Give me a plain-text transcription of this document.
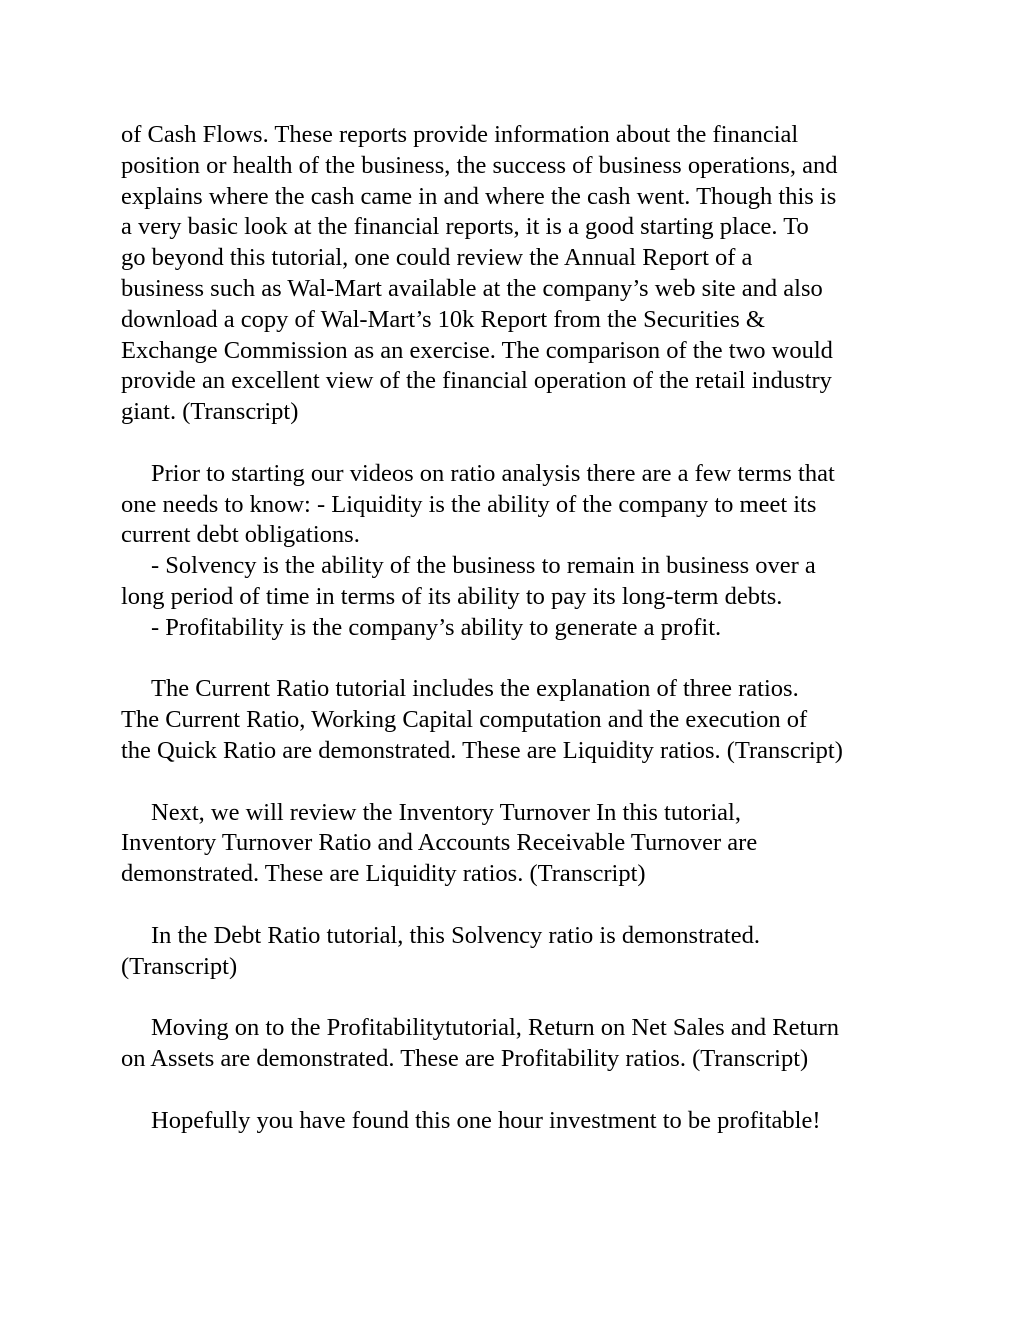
of Cash Flows. These reports provide information about the financial
position or health of the business, the success of business operations, and
explains where the cash came in and where the cash went. Though this is
a very basic look at the financial reports, it is a good starting place. To
go beyond this tutorial, one could review the Annual Report of a
business such as Wal-Mart available at the company’s web site and also
download a copy of Wal-Mart’s 10k Report from the Securities &
Exchange Commission as an exercise. The comparison of the two would
provide an excellent view of the financial operation of the retail industry
giant. (Transcript)
Prior to starting our videos on ratio analysis there are a few terms that
one needs to know: - Liquidity is the ability of the company to meet its
current debt obligations.
- Solvency is the ability of the business to remain in business over a
long period of time in terms of its ability to pay its long-term debts.
- Profitability is the company’s ability to generate a profit.
The Current Ratio tutorial includes the explanation of three ratios.
The Current Ratio, Working Capital computation and the execution of
the Quick Ratio are demonstrated. These are Liquidity ratios. (Transcript)
Next, we will review the Inventory Turnover In this tutorial,
Inventory Turnover Ratio and Accounts Receivable Turnover are
demonstrated. These are Liquidity ratios. (Transcript)
In the Debt Ratio tutorial, this Solvency ratio is demonstrated.
(Transcript)
Moving on to the Profitabilitytutorial, Return on Net Sales and Return
on Assets are demonstrated. These are Profitability ratios. (Transcript)
Hopefully you have found this one hour investment to be profitable!
